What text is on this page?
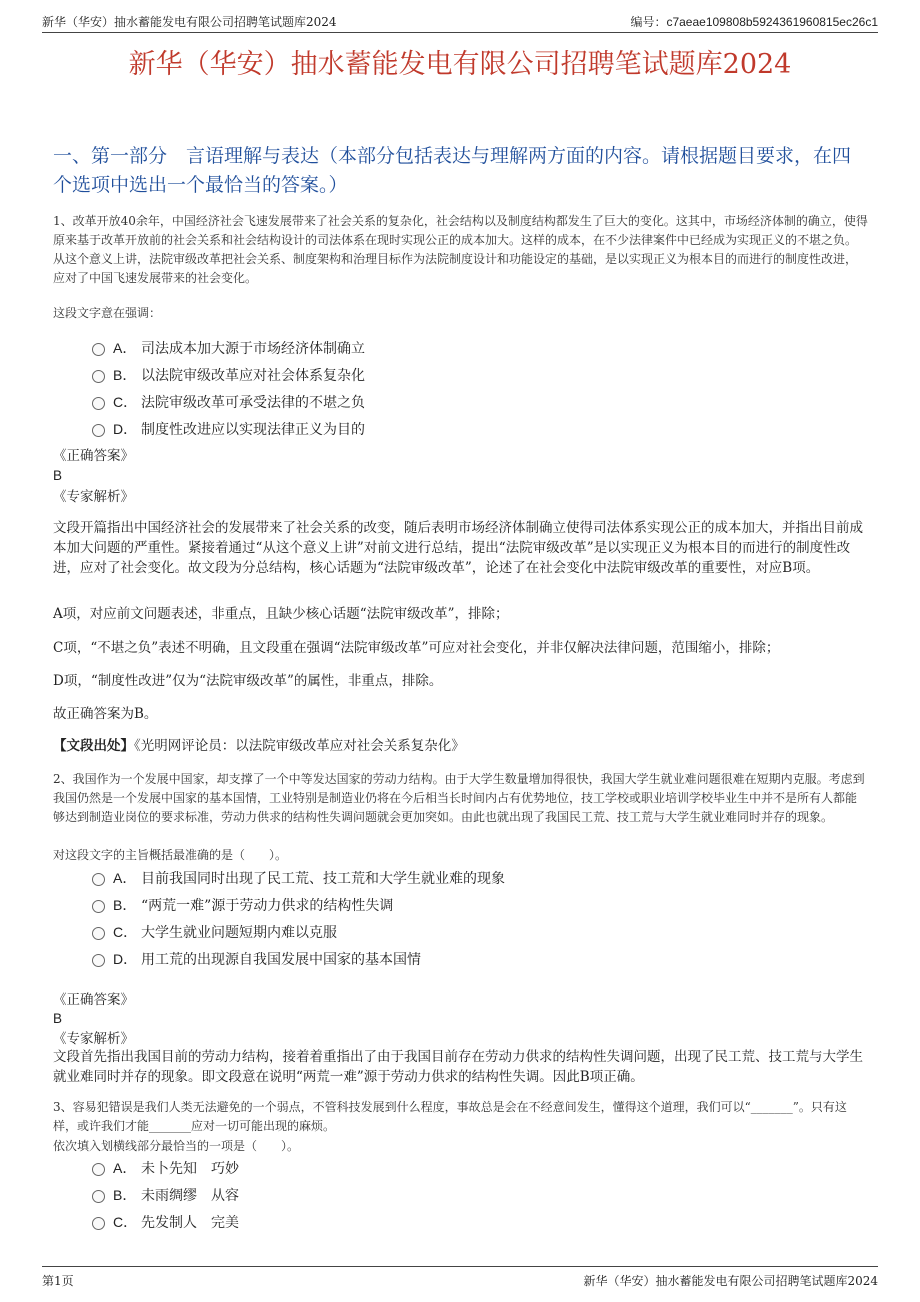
新华（华安）抽水蓄能发电有限公司招聘笔试题库2024	编号：c7aeae109808b5924361960815ec26c1
新华（华安）抽水蓄能发电有限公司招聘笔试题库2024
一、第一部分　言语理解与表达（本部分包括表达与理解两方面的内容。请根据题目要求，在四个选项中选出一个最恰当的答案。）

1、改革开放40余年，中国经济社会飞速发展带来了社会关系的复杂化，社会结构以及制度结构都发生了巨大的变化。这其中，市场经济体制的确立，使得原来基于改革开放前的社会关系和社会结构设计的司法体系在现时实现公正的成本加大。这样的成本，在不少法律案件中已经成为实现正义的不堪之负。从这个意义上讲，法院审级改革把社会关系、制度架构和治理目标作为法院制度设计和功能设定的基础，是以实现正义为根本目的而进行的制度性改进，应对了中国飞速发展带来的社会变化。

这段文字意在强调：

A． 司法成本加大源于市场经济体制确立
B． 以法院审级改革应对社会体系复杂化
C． 法院审级改革可承受法律的不堪之负
D． 制度性改进应以实现法律正义为目的
《正确答案》
B
《专家解析》

文段开篇指出中国经济社会的发展带来了社会关系的改变，随后表明市场经济体制确立使得司法体系实现公正的成本加大，并指出目前成本加大问题的严重性。紧接着通过“从这个意义上讲”对前文进行总结，提出“法院审级改革”是以实现正义为根本目的而进行的制度性改进，应对了社会变化。故文段为分总结构，核心话题为“法院审级改革”，论述了在社会变化中法院审级改革的重要性，对应B项。

A项，对应前文问题表述，非重点，且缺少核心话题“法院审级改革”，排除；

C项，“不堪之负”表述不明确，且文段重在强调“法院审级改革”可应对社会变化，并非仅解决法律问题，范围缩小，排除；

D项，“制度性改进”仅为“法院审级改革”的属性，非重点，排除。

故正确答案为B。

【文段出处】《光明网评论员：以法院审级改革应对社会关系复杂化》

2、我国作为一个发展中国家，却支撑了一个中等发达国家的劳动力结构。由于大学生数量增加得很快，我国大学生就业难问题很难在短期内克服。考虑到我国仍然是一个发展中国家的基本国情，工业特别是制造业仍将在今后相当长时间内占有优势地位，技工学校或职业培训学校毕业生中并不是所有人都能够达到制造业岗位的要求标准，劳动力供求的结构性失调问题就会更加突如。由此也就出现了我国民工荒、技工荒与大学生就业难同时并存的现象。

对这段文字的主旨概括最准确的是（　　）。

A． 目前我国同时出现了民工荒、技工荒和大学生就业难的现象
B． “两荒一难”源于劳动力供求的结构性失调
C． 大学生就业问题短期内难以克服
D． 用工荒的出现源自我国发展中国家的基本国情
《正确答案》
B
《专家解析》

文段首先指出我国目前的劳动力结构，接着着重指出了由于我国目前存在劳动力供求的结构性失调问题，出现了民工荒、技工荒与大学生就业难同时并存的现象。即文段意在说明“两荒一难”源于劳动力供求的结构性失调。因此B项正确。

3、容易犯错误是我们人类无法避免的一个弱点，不管科技发展到什么程度，事故总是会在不经意间发生，懂得这个道理，我们可以“_______”。只有这样，或许我们才能_______应对一切可能出现的麻烦。

依次填入划横线部分最恰当的一项是（　　）。

A． 未卜先知　巧妙
B． 未雨绸缪　从容
C． 先发制人　完美
第1页	新华（华安）抽水蓄能发电有限公司招聘笔试题库2024
